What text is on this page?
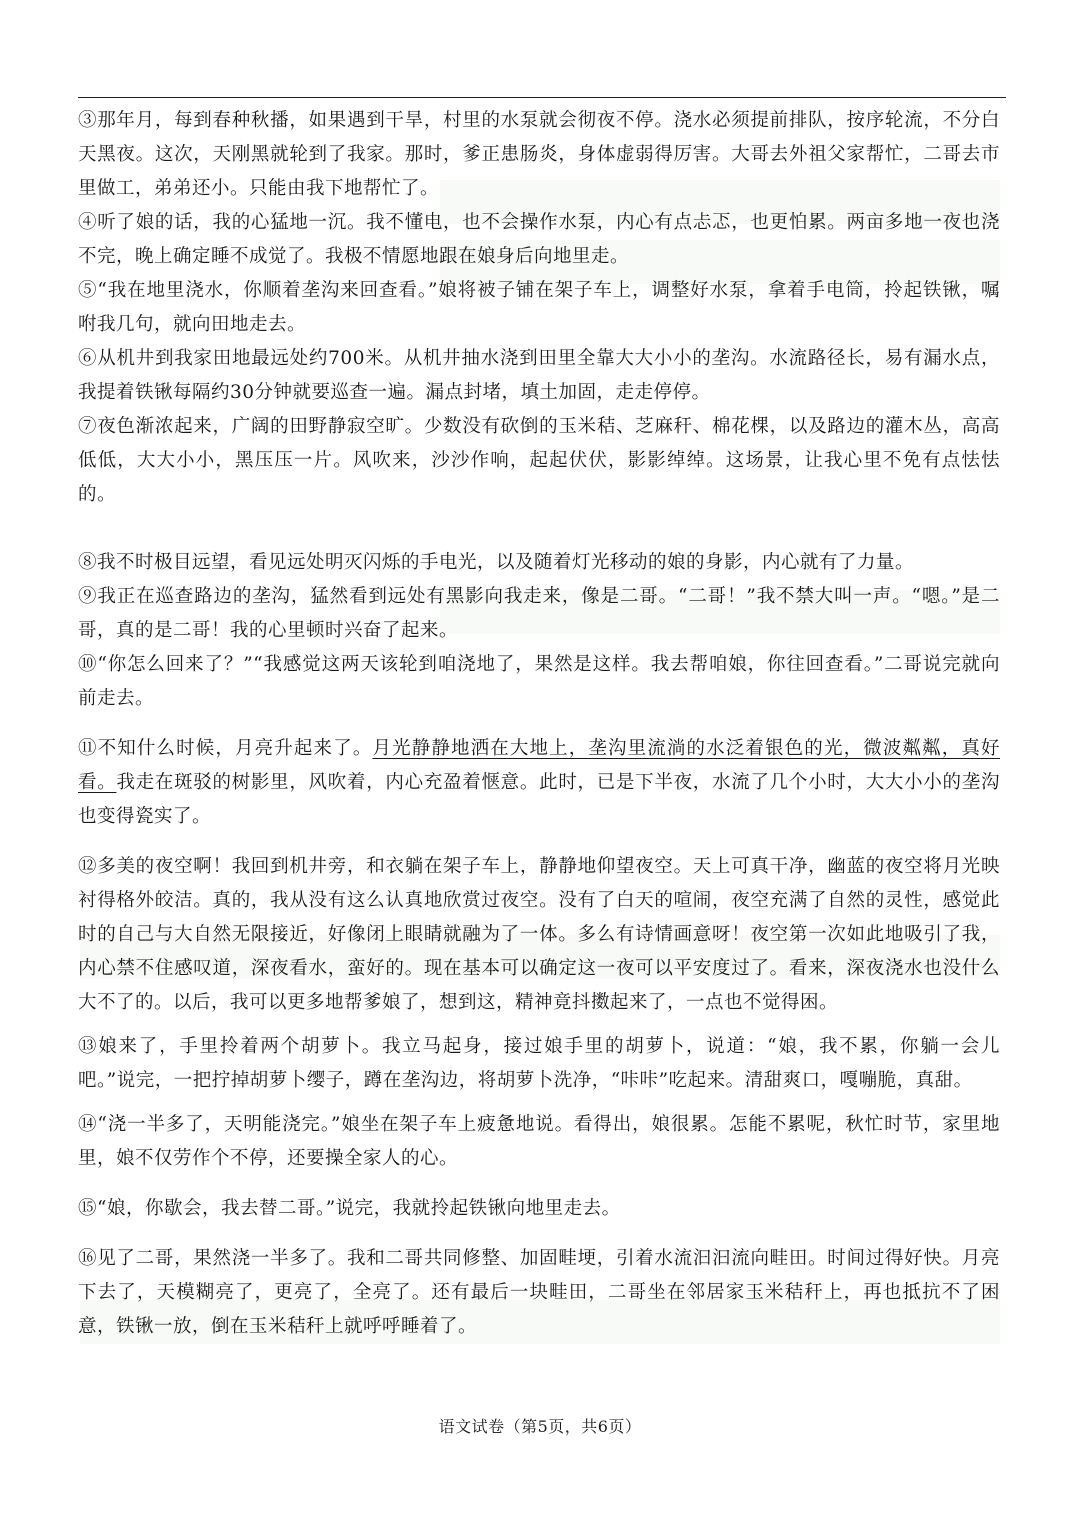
③那年月，每到春种秋播，如果遇到干旱，村里的水泵就会彻夜不停。浇水必须提前排队，按序轮流，不分白天黑夜。这次，天刚黑就轮到了我家。那时，爹正患肠炎，身体虚弱得厉害。大哥去外祖父家帮忙，二哥去市里做工，弟弟还小。只能由我下地帮忙了。

④听了娘的话，我的心猛地一沉。我不懂电，也不会操作水泵，内心有点忐忑，也更怕累。两亩多地一夜也浇不完，晚上确定睡不成觉了。我极不情愿地跟在娘身后向地里走。

⑤“我在地里浇水，你顺着垄沟来回查看。”娘将被子铺在架子车上，调整好水泵，拿着手电筒，拎起铁锹，嘱咐我几句，就向田地走去。

⑥从机井到我家田地最远处约700米。从机井抽水浇到田里全靠大大小小的垄沟。水流路径长，易有漏水点，我提着铁锹每隔约30分钟就要巡查一遍。漏点封堵，填土加固，走走停停。

⑦夜色渐浓起来，广阔的田野静寂空旷。少数没有砍倒的玉米秸、芝麻秆、棉花棵，以及路边的灌木丛，高高低低，大大小小，黑压压一片。风吹来，沙沙作响，起起伏伏，影影绰绰。这场景，让我心里不免有点怯怯的。

⑧我不时极目远望，看见远处明灭闪烁的手电光，以及随着灯光移动的娘的身影，内心就有了力量。

⑨我正在巡查路边的垄沟，猛然看到远处有黑影向我走来，像是二哥。“二哥！”我不禁大叫一声。“嗯。”是二哥，真的是二哥！我的心里顿时兴奋了起来。

⑩“你怎么回来了？”“我感觉这两天该轮到咱浇地了，果然是这样。我去帮咱娘，你往回查看。”二哥说完就向前走去。

⑪不知什么时候，月亮升起来了。月光静静地洒在大地上，垄沟里流淌的水泛着银色的光，微波粼粼，真好看。我走在斑驳的树影里，风吹着，内心充盈着惬意。此时，已是下半夜，水流了几个小时，大大小小的垄沟也变得瓷实了。

⑫多美的夜空啊！我回到机井旁，和衣躺在架子车上，静静地仰望夜空。天上可真干净，幽蓝的夜空将月光映衬得格外皎洁。真的，我从没有这么认真地欣赏过夜空。没有了白天的喧闹，夜空充满了自然的灵性，感觉此时的自己与大自然无限接近，好像闭上眼睛就融为了一体。多么有诗情画意呀！夜空第一次如此地吸引了我，内心禁不住感叹道，深夜看水，蛮好的。现在基本可以确定这一夜可以平安度过了。看来，深夜浇水也没什么大不了的。以后，我可以更多地帮爹娘了，想到这，精神竟抖擞起来了，一点也不觉得困。

⑬娘来了，手里拎着两个胡萝卜。我立马起身，接过娘手里的胡萝卜，说道：“娘，我不累，你躺一会儿吧。”说完，一把拧掉胡萝卜缨子，蹲在垄沟边，将胡萝卜洗净，“咔咔”吃起来。清甜爽口，嘎嘣脆，真甜。

⑭“浇一半多了，天明能浇完。”娘坐在架子车上疲惫地说。看得出，娘很累。怎能不累呢，秋忙时节，家里地里，娘不仅劳作个不停，还要操全家人的心。

⑮“娘，你歇会，我去替二哥。”说完，我就拎起铁锹向地里走去。

⑯见了二哥，果然浇一半多了。我和二哥共同修整、加固畦埂，引着水流汩汩流向畦田。时间过得好快。月亮下去了，天模糊亮了，更亮了，全亮了。还有最后一块畦田，二哥坐在邻居家玉米秸秆上，再也抵抗不了困意，铁锹一放，倒在玉米秸秆上就呼呼睡着了。

语文试卷（第5页，共6页）
